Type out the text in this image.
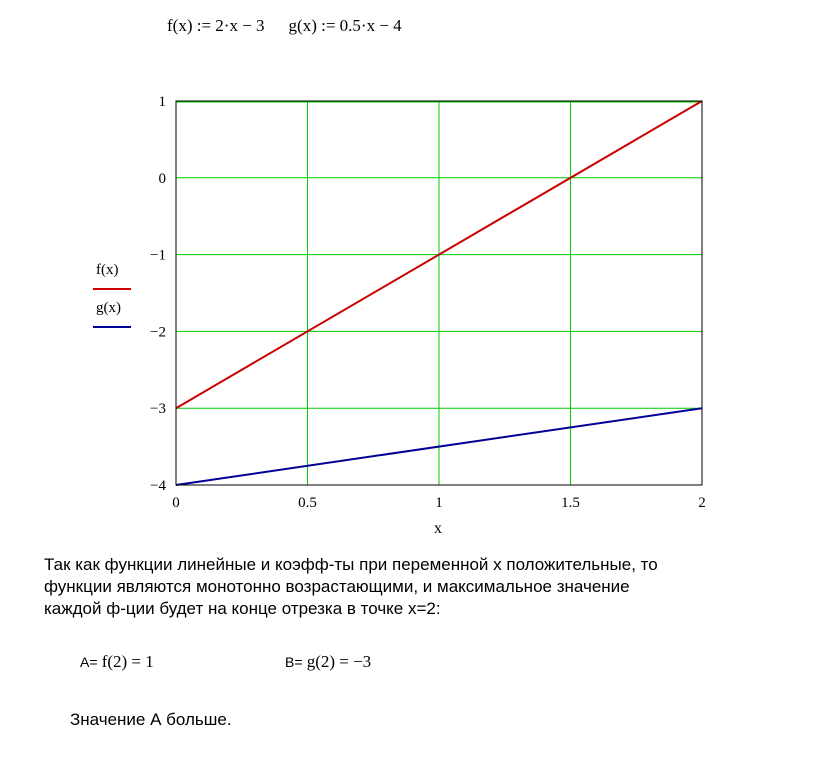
f(x) := 2·x − 3 g(x) := 0.5·x − 4
0	0.5	1	1.5	2
1
0
−1
−2
−3
−4
f(x)
g(x)
x
Так как функции линейные и коэфф-ты при переменной x положительные, то
функции являются монотонно возрастающими, и максимальное значение
каждой ф-ции будет на конце отрезка в точке x=2:
A= f(2) = 1	B= g(2) = −3
Значение А больше.
